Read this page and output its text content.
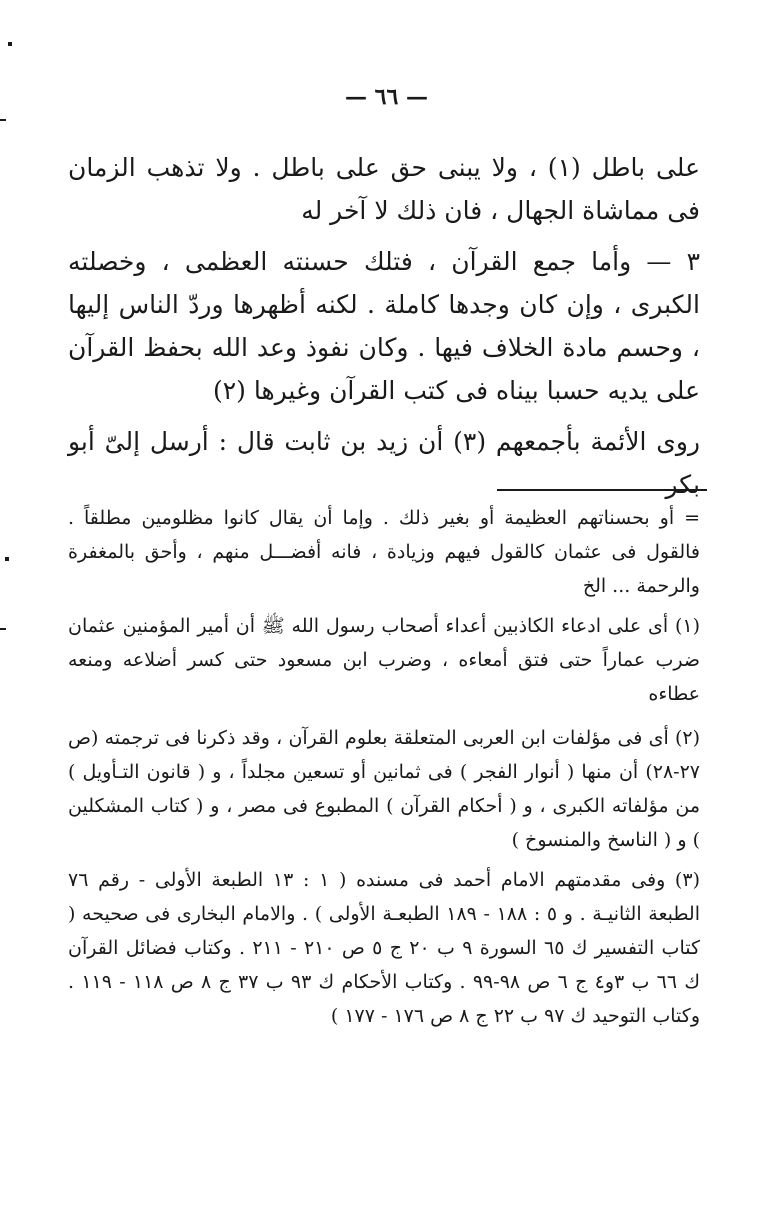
— ٦٦ —

على باطل (١) ، ولا يبنى حق على باطل . ولا تذهب الزمان فى مماشاة الجهال ، فان ذلك لا آخر له

٣ — وأما جمع القرآن ، فتلك حسنته العظمى ، وخصلته الكبرى ، وإن كان وجدها كاملة . لكنه أظهرها وردّ الناس إليها ، وحسم مادة الخلاف فيها . وكان نفوذ وعد الله بحفظ القرآن على يديه حسبا بيناه فى كتب القرآن وغيرها (٢)

روى الأئمة بأجمعهم (٣) أن زيد بن ثابت قال : أرسل إلىّ أبو بكر

= أو بحسناتهم العظيمة أو بغير ذلك . وإما أن يقال كانوا مظلومين مطلقاً . فالقول فى عثمان كالقول فيهم وزيادة ، فانه أفضـــل منهم ، وأحق بالمغفرة والرحمة ... الخ

(١) أى على ادعاء الكاذبين أعداء أصحاب رسول الله ﷺ أن أمير المؤمنين عثمان ضرب عماراً حتى فتق أمعاءه ، وضرب ابن مسعود حتى كسر أضلاعه ومنعه عطاءه

(٢) أى فى مؤلفات ابن العربى المتعلقة بعلوم القرآن ، وقد ذكرنا فى ترجمته (ص ٢٧-٢٨) أن منها ( أنوار الفجر ) فى ثمانين أو تسعين مجلداً ، و ( قانون التـأويل ) من مؤلفاته الكبرى ، و ( أحكام القرآن ) المطبوع فى مصر ، و ( كتاب المشكلين ) و ( الناسخ والمنسوخ )

(٣) وفى مقدمتهم الامام أحمد فى مسنده ( ١ : ١٣ الطبعة الأولى - رقم ٧٦ الطبعة الثانيـة . و ٥ : ١٨٨ - ١٨٩ الطبعـة الأولى ) . والامام البخارى فى صحيحه ( كتاب التفسير ك ٦٥ السورة ٩ ب ٢٠ ج ٥ ص ٢١٠ - ٢١١ . وكتاب فضائل القرآن ك ٦٦ ب ٣و٤ ج ٦ ص ٩٨-٩٩ . وكتاب الأحكام ك ٩٣ ب ٣٧ ج ٨ ص ١١٨ - ١١٩ . وكتاب التوحيد ك ٩٧ ب ٢٢ ج ٨ ص ١٧٦ - ١٧٧ )
